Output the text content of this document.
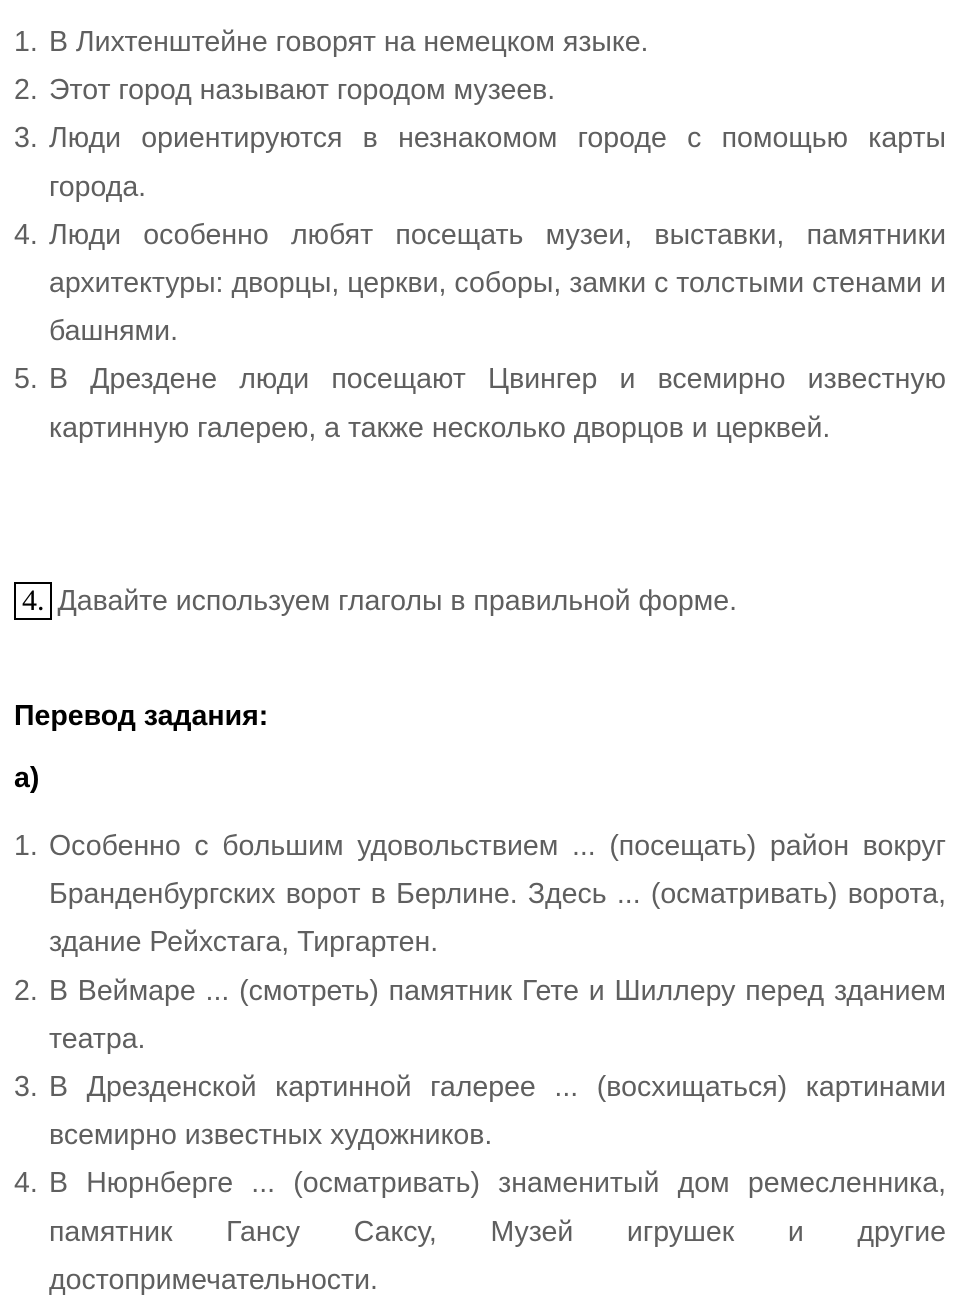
1. В Лихтенштейне говорят на немецком языке.
2. Этот город называют городом музеев.
3. Люди ориентируются в незнакомом городе с помощью карты города.
4. Люди особенно любят посещать музеи, выставки, памятники архитектуры: дворцы, церкви, соборы, замки с толстыми стенами и башнями.
5. В Дрездене люди посещают Цвингер и всемирно известную картинную галерею, а также несколько дворцов и церквей.
4. Давайте используем глаголы в правильной форме.
Перевод задания:
а)
1. Особенно с большим удовольствием ... (посещать) район вокруг Бранденбургских ворот в Берлине. Здесь ... (осматривать) ворота, здание Рейхстага, Тиргартен.
2. В Веймаре ... (смотреть) памятник Гете и Шиллеру перед зданием театра.
3. В Дрезденской картинной галерее ... (восхищаться) картинами всемирно известных художников.
4. В Нюрнберге ... (осматривать) знаменитый дом ремесленника, памятник Гансу Саксу, Музей игрушек и другие достопримечательности.
